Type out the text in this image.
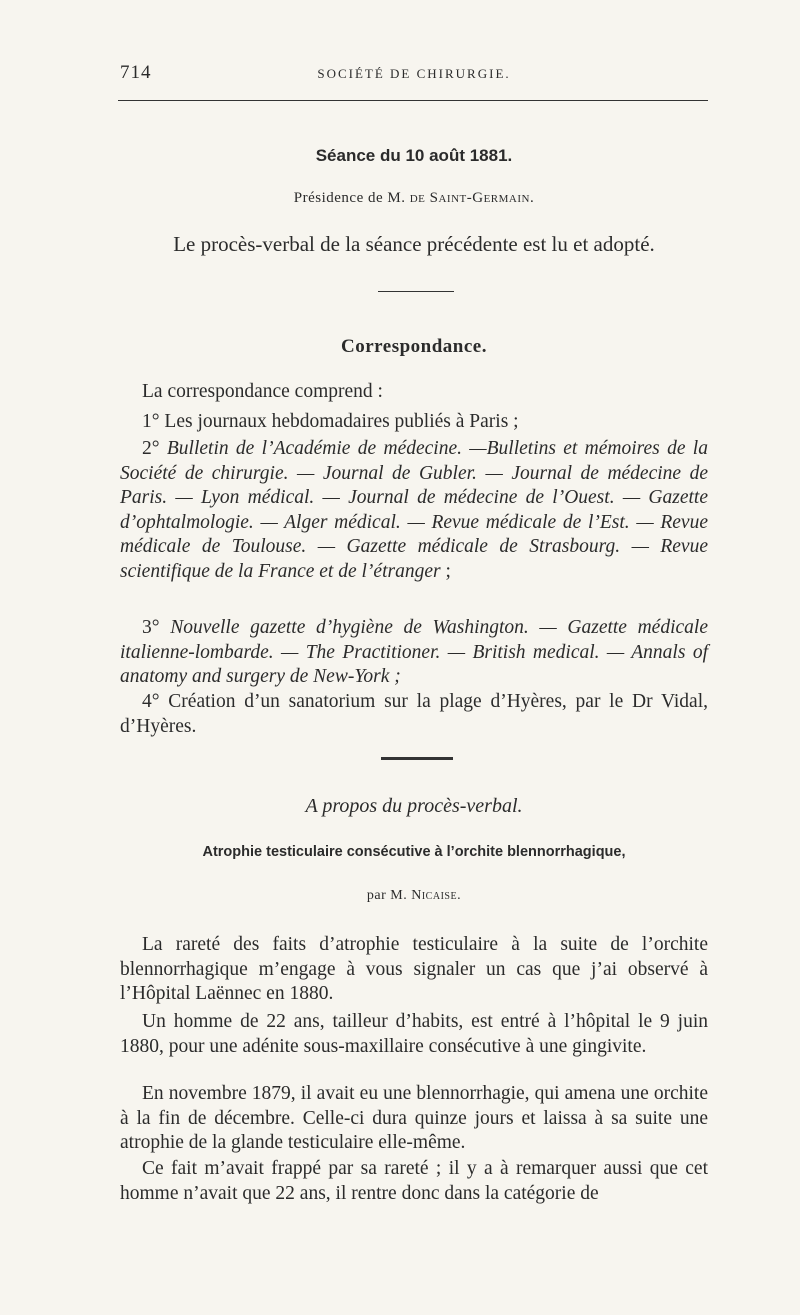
714	SOCIÉTÉ DE CHIRURGIE.
Séance du 10 août 1881.
Présidence de M. de Saint-Germain.
Le procès-verbal de la séance précédente est lu et adopté.
Correspondance.
La correspondance comprend :
1° Les journaux hebdomadaires publiés à Paris ;
2° Bulletin de l’Académie de médecine. —Bulletins et mémoires de la Société de chirurgie. — Journal de Gubler. — Journal de médecine de Paris. — Lyon médical. — Journal de médecine de l’Ouest. — Gazette d’ophtalmologie. — Alger médical. — Revue médicale de l’Est. — Revue médicale de Toulouse. — Gazette médicale de Strasbourg. — Revue scientifique de la France et de l’étranger ;
3° Nouvelle gazette d’hygiène de Washington. — Gazette médicale italienne-lombarde. — The Practitioner. — British medical. — Annals of anatomy and surgery de New-York ;
4° Création d’un sanatorium sur la plage d’Hyères, par le Dr Vidal, d’Hyères.
A propos du procès-verbal.
Atrophie testiculaire consécutive à l’orchite blennorrhagique,
par M. Nicaise.
La rareté des faits d’atrophie testiculaire à la suite de l’orchite blennorrhagique m’engage à vous signaler un cas que j’ai observé à l’Hôpital Laënnec en 1880.
Un homme de 22 ans, tailleur d’habits, est entré à l’hôpital le 9 juin 1880, pour une adénite sous-maxillaire consécutive à une gingivite.
En novembre 1879, il avait eu une blennorrhagie, qui amena une orchite à la fin de décembre. Celle-ci dura quinze jours et laissa à sa suite une atrophie de la glande testiculaire elle-même.
Ce fait m’avait frappé par sa rareté ; il y a à remarquer aussi que cet homme n’avait que 22 ans, il rentre donc dans la catégorie de
